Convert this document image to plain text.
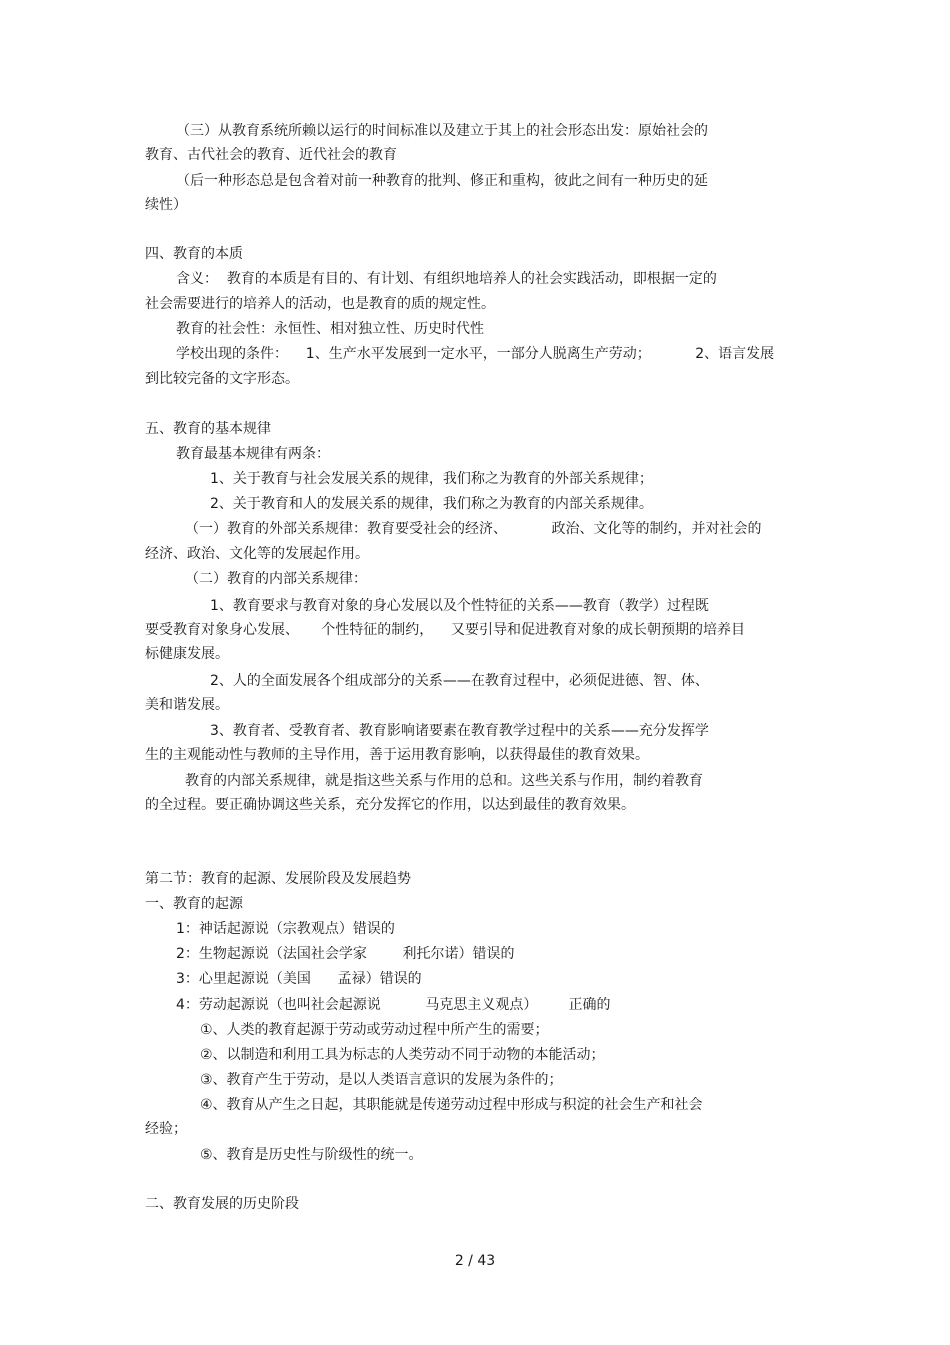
（三）从教育系统所赖以运行的时间标准以及建立于其上的社会形态出发：原始社会的
教育、古代社会的教育、近代社会的教育
（后一种形态总是包含着对前一种教育的批判、修正和重构，彼此之间有一种历史的延
续性）
四、教育的本质
含义：  教育的本质是有目的、有计划、有组织地培养人的社会实践活动，即根据一定的
社会需要进行的培养人的活动，也是教育的质的规定性。
教育的社会性：永恒性、相对独立性、历史时代性
学校出现的条件：    1、生产水平发展到一定水平，一部分人脱离生产劳动；          2、语言发展
到比较完备的文字形态。
五、教育的基本规律
教育最基本规律有两条：
1、关于教育与社会发展关系的规律，我们称之为教育的外部关系规律；
2、关于教育和人的发展关系的规律，我们称之为教育的内部关系规律。
（一）教育的外部关系规律：教育要受社会的经济、          政治、文化等的制约，并对社会的
经济、政治、文化等的发展起作用。
（二）教育的内部关系规律：
1、教育要求与教育对象的身心发展以及个性特征的关系——教育（教学）过程既
要受教育对象身心发展、     个性特征的制约，    又要引导和促进教育对象的成长朝预期的培养目
标健康发展。
2、人的全面发展各个组成部分的关系——在教育过程中，必须促进德、智、体、
美和谐发展。
3、教育者、受教育者、教育影响诸要素在教育教学过程中的关系——充分发挥学
生的主观能动性与教师的主导作用，善于运用教育影响，以获得最佳的教育效果。
教育的内部关系规律，就是指这些关系与作用的总和。这些关系与作用，制约着教育
的全过程。要正确协调这些关系，充分发挥它的作用，以达到最佳的教育效果。
第二节：教育的起源、发展阶段及发展趋势
一、教育的起源
1：神话起源说（宗教观点）错误的
2：生物起源说（法国社会学家        利托尔诺）错误的
3：心里起源说（美国      孟禄）错误的
4：劳动起源说（也叫社会起源说          马克思主义观点）       正确的
①、人类的教育起源于劳动或劳动过程中所产生的需要；
②、以制造和利用工具为标志的人类劳动不同于动物的本能活动；
③、教育产生于劳动，是以人类语言意识的发展为条件的；
④、教育从产生之日起，其职能就是传递劳动过程中形成与积淀的社会生产和社会
经验；
⑤、教育是历史性与阶级性的统一。
二、教育发展的历史阶段
2 / 43
